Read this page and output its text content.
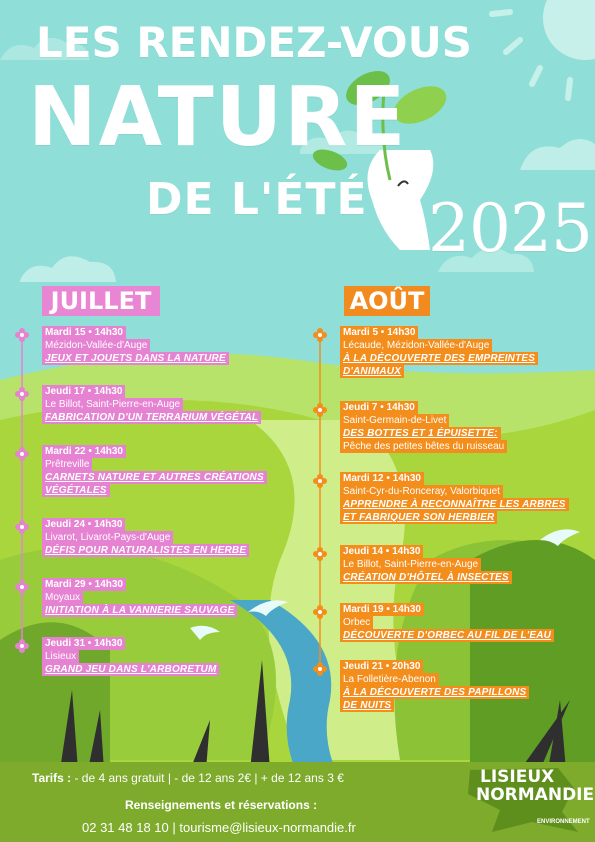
LES RENDEZ-VOUS
NATURE
DE L'ÉTÉ 2025
JUILLET	AOÛT
Mardi 15 • 14h30
Mézidon-Vallée-d'Auge
JEUX ET JOUETS DANS LA NATURE
Jeudi 17 • 14h30
Le Billot, Saint-Pierre-en-Auge
FABRICATION D'UN TERRARIUM VÉGÉTAL
Mardi 22 • 14h30
Prêtreville
CARNETS NATURE ET AUTRES CRÉATIONS
VÉGÉTALES
Jeudi 24 • 14h30
Livarot, Livarot-Pays-d'Auge
DÉFIS POUR NATURALISTES EN HERBE
Mardi 29 • 14h30
Moyaux
INITIATION À LA VANNERIE SAUVAGE
Jeudi 31 • 14h30
Lisieux
GRAND JEU DANS L'ARBORETUM
Mardi 5 • 14h30
Lécaude, Mézidon-Vallée-d'Auge
À LA DÉCOUVERTE DES EMPREINTES
D'ANIMAUX
Jeudi 7 • 14h30
Saint-Germain-de-Livet
DES BOTTES ET 1 ÉPUISETTE:
Pêche des petites bêtes du ruisseau
Mardi 12 • 14h30
Saint-Cyr-du-Ronceray, Valorbiquet
APPRENDRE À RECONNAÎTRE LES ARBRES
ET FABRIQUER SON HERBIER
Jeudi 14 • 14h30
Le Billot, Saint-Pierre-en-Auge
CRÉATION D'HÔTEL À INSECTES
Mardi 19 • 14h30
Orbec
DÉCOUVERTE D'ORBEC AU FIL DE L'EAU
Jeudi 21 • 20h30
La Folletière-Abenon
À LA DÉCOUVERTE DES PAPILLONS
DE NUITS
Tarifs : - de 4 ans gratuit | - de 12 ans 2€ | + de 12 ans 3 €
Renseignements et réservations :
02 31 48 18 10 | tourisme@lisieux-normandie.fr
LISIEUX
NORMANDIE
ENVIRONNEMENT
